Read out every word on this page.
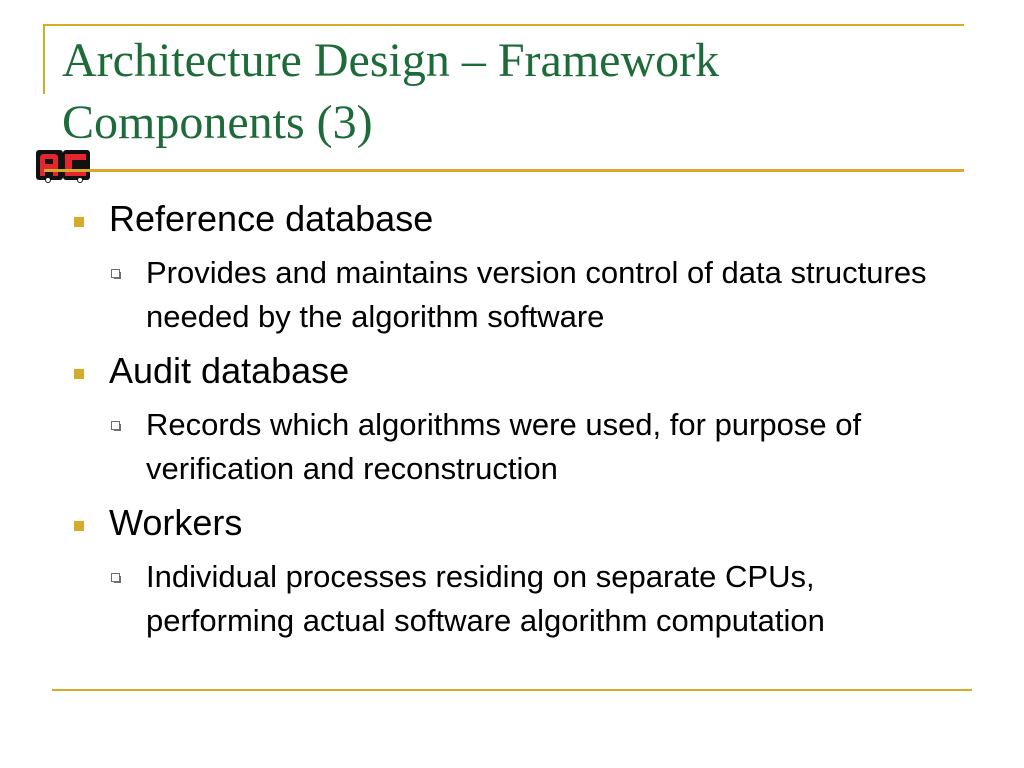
Architecture Design – Framework Components (3)
Reference database
Provides and maintains version control of data structures needed by the algorithm software
Audit database
Records which algorithms were used, for purpose of verification and reconstruction
Workers
Individual processes residing on separate CPUs, performing actual software algorithm computation
